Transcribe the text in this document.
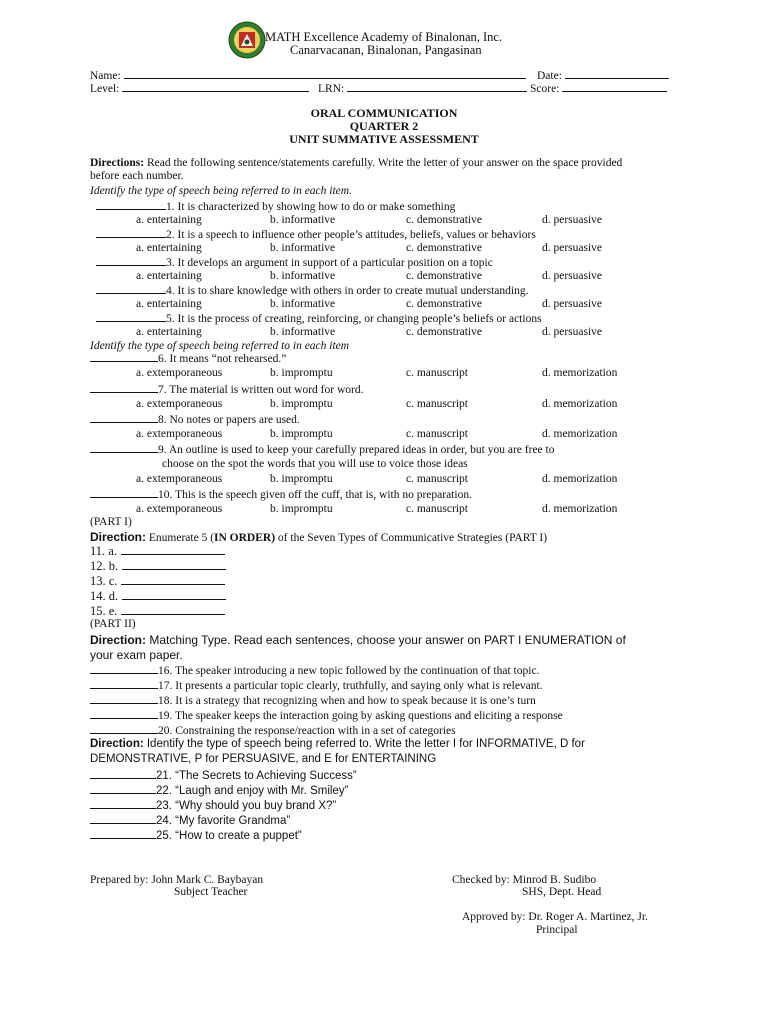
MATH Excellence Academy of Binalonan, Inc.
Canarvacanan, Binalonan, Pangasinan
Name:	Date:
Level:	LRN:	Score:
ORAL COMMUNICATION
QUARTER 2
UNIT SUMMATIVE ASSESSMENT
Directions: Read the following sentence/statements carefully. Write the letter of your answer on the space provided
before each number.
Identify the type of speech being referred to in each item.
1. It is characterized by showing how to do or make something
a. entertaining	b. informative	c. demonstrative	d. persuasive
2. It is a speech to influence other people’s attitudes, beliefs, values or behaviors
a. entertaining	b. informative	c. demonstrative	d. persuasive
3. It develops an argument in support of a particular position on a topic
a. entertaining	b. informative	c. demonstrative	d. persuasive
4. It is to share knowledge with others in order to create mutual understanding.
a. entertaining	b. informative	c. demonstrative	d. persuasive
5. It is the process of creating, reinforcing, or changing people’s beliefs or actions
a. entertaining	b. informative	c. demonstrative	d. persuasive
Identify the type of speech being referred to in each item
6. It means “not rehearsed.”
a. extemporaneous	b. impromptu	c. manuscript	d. memorization
7. The material is written out word for word.
a. extemporaneous	b. impromptu	c. manuscript	d. memorization
8. No notes or papers are used.
a. extemporaneous	b. impromptu	c. manuscript	d. memorization
9. An outline is used to keep your carefully prepared ideas in order, but you are free to
choose on the spot the words that you will use to voice those ideas
a. extemporaneous	b. impromptu	c. manuscript	d. memorization
10. This is the speech given off the cuff, that is, with no preparation.
a. extemporaneous	b. impromptu	c. manuscript	d. memorization
(PART I)
Direction: Enumerate 5 (IN ORDER) of the Seven Types of Communicative Strategies (PART I)
11. a.
12. b.
13. c.
14. d.
15. e.
(PART II)
Direction: Matching Type. Read each sentences, choose your answer on PART I ENUMERATION of
your exam paper.
16. The speaker introducing a new topic followed by the continuation of that topic.
17. It presents a particular topic clearly, truthfully, and saying only what is relevant.
18. It is a strategy that recognizing when and how to speak because it is one’s turn
19. The speaker keeps the interaction going by asking questions and eliciting a response
20. Constraining the response/reaction with in a set of categories
Direction: Identify the type of speech being referred to. Write the letter I for INFORMATIVE, D for
DEMONSTRATIVE, P for PERSUASIVE, and E for ENTERTAINING
21. “The Secrets to Achieving Success”
22. “Laugh and enjoy with Mr. Smiley”
23. “Why should you buy brand X?”
24. “My favorite Grandma”
25. “How to create a puppet”
Prepared by: John Mark C. Baybayan
Subject Teacher
Checked by: Minrod B. Sudibo
SHS, Dept. Head
Approved by: Dr. Roger A. Martinez, Jr.
Principal
